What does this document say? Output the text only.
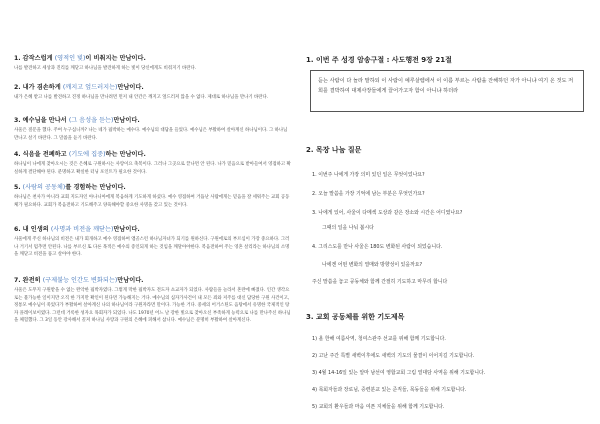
1. 감작스럽게 (영적인 빛)이 비춰지는 만남이다.
나를 발견하고 세상과 진리를 깨닫고 하나님을 발견하게 하는 빛이 당신에게도 비춰지기 바란다.
2. 내가 겸손하게 (깨지고 엎드러지는)만남이다.
내가 은혜 받고 나를 발견하고 진정 하나님을 만나려면 먼저 내 안간은 깨지고 엎드러져 않을 수 없다. 제대로 하나님을 만나기 바란다.
3. 예수님을 만나서 (그 음성을 듣는)만남이다.
사울은 질문을 했다. 주여 누구십니까? 나는 네가 핍박하는 예수다. 예수님의 대답을 들었다. 예수님은 부활하여 살아계신 하나님이다. 그 하나님 만나고 살기 바란다. 그 말씀을 듣기 바란다.
4. 식음을 전폐하고 (기도에 집중)하는 만남이다.
하나님이 나에게 찾아오시는 것은 은혜로 구원하시는 사랑이요 축복이다. 그러나 그곳으로 끝나면 안 된다. 나가 믿음으로 받아들여서 영접하고 확실하게 결단해야 된다. 분명하고 확실한 터닝 포인트가 필요한 것이다.
5. (사람의 공동체)를 경험하는 만남이다.
하나님은 천사가 아니라 교회 지도자인 아나니아에게 복음하게 기도하게 하셨다. 예수 영접하여 거듭난 사람에게는 믿음을 잘 세워주는 교회 공동체가 필요하다. 교회가 복음전하고 기도해주고 양육해야할 중요한 사명을 갖고 있는 것이다.
6. 내 인생의 (사명과 비전을 깨닫는)만남이다.
사울에게 주신 하나님의 비전은 내가 회개하고 예수 영접하여 앰골스런 하나님자녀가 되기를 원하신다. 구원에로의 부르심이 가장 중요하다. 그러나 거기서 멈추면 안된다. 나를 부르신 또 다른 목적은 예수의 증인되게 하는 것임을 깨달아야한다. 복음전하여 주는 영혼 살리라는 하나님의 소명을 깨닫고 비전을 품고 살아야 한다.
7. 완전히 (구제불능 인간도 변화되는)만남이다.
사울은 도무지 구원받을 수 없는 완악한 핍박자였다. 그렇게 막한 핍박자도 전도자 쇼교자가 되었다. 사람들을 놀라서 혼란에 빠졌다. 인간 생각으로는 불가능한 일이지만 오직 한 가지만 확인이 된다면 가능해지는 거다. 예수님의 십자가사건이 내 모든 죄와 저주를 대신 담당한 구원 사건이고, 정통모 예수님이 죽었다가 부활하여 살아계신 나의 하나님이라 구원자라면 말이다. 가능한 거다. 중세의 어거스틴도 음탕에서 유명한 국제적인 탕자 플레이보이였다. 그런데 거룩한 성자요 목회자가 되었다. 나도 1970년 어느 날 강한 빛으로 찾아오신 부족하게 능력으로 나를 만나주신 하나님을 체험했다. 그 3일 동안 강사해서 꼴져 하나님 사랑과 구원의 은혜에 퍼해서 삽니다. 예수님은 분명히 부활하여 살아계신다.
1. 이번 주 성경 암송구절 : 사도행전 9장 21절
듣는 사람이 다 놀라 말하되 이 사람이 예루살렘에서 이 이름 부르는 사람을 잔해하던 자가 아니냐 여기 온 것도 저희를 결박하여 대제사장들에게 끌어가고자 함이 아니냐 하더라
2. 목장 나눔 질문
1. 이번주 나에게 가장 의미 있던 일은 무엇이었나요?
2. 오늘 말씀을 가장 기억에 남는 부분은 무엇인가요?
3. 나에게 있어, 사울이 다메섹 도상과 같은 장소와 시간은 어디였나요?
그때의 일을 나눠 봅시다
4. 그리스도를 만나 사울은 180도 변화된 사람이 되었습니다.
나에겐 어떤 변화의 열매와 방향성이 있을까요?
주신 말씀을 놓고 공동체와 함께 간절히 기도하고 마무리 합니다
3. 교회 공동체를 위한 기도제목
1) 올 한해 여름사역, 청여스관주 선교를 위해 함께 기도합니다.
2) 고난 주간 특별 새벽이후에도 새벽의 기도의 물결이 이어지길 기도합니다.
3) 4월 14-16일 있는 알마 남선여 영합교회 그림 열대담 사역을 위해 기도합니다.
4) 목회자들과 장로님, 증련분교 있는 준직들, 목동들을 위해 기도합니다.
5) 교회의 환우들과 마음 여픈 지체들을 위해 함께 기도합니다.
